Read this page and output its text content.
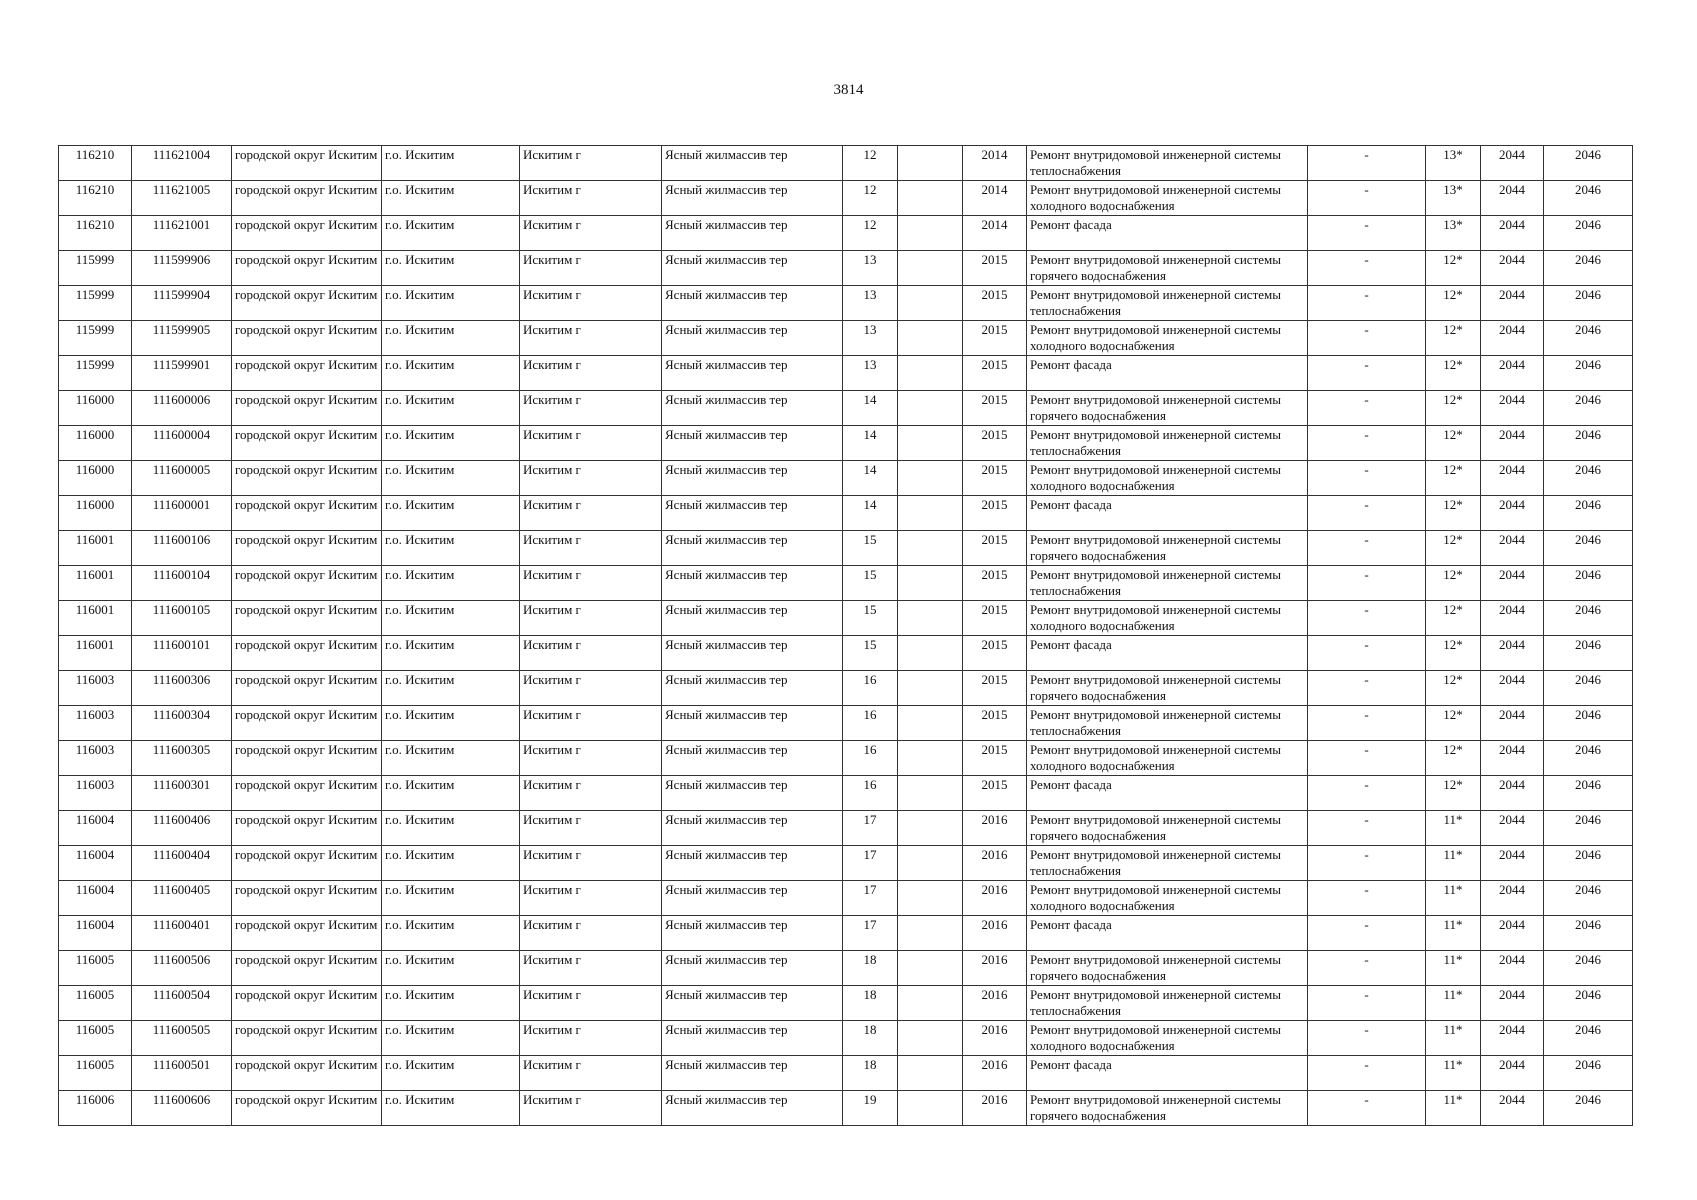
3814
116210	111621004	городской округ Искитим	г.о. Искитим	Искитим г	Ясный жилмассив тер	12		2014	Ремонт внутридомовой инженерной системы теплоснабжения	-	13*	2044	2046
116210	111621005	городской округ Искитим	г.о. Искитим	Искитим г	Ясный жилмассив тер	12		2014	Ремонт внутридомовой инженерной системы холодного водоснабжения	-	13*	2044	2046
116210	111621001	городской округ Искитим	г.о. Искитим	Искитим г	Ясный жилмассив тер	12		2014	Ремонт фасада	-	13*	2044	2046
115999	111599906	городской округ Искитим	г.о. Искитим	Искитим г	Ясный жилмассив тер	13		2015	Ремонт внутридомовой инженерной системы горячего водоснабжения	-	12*	2044	2046
115999	111599904	городской округ Искитим	г.о. Искитим	Искитим г	Ясный жилмассив тер	13		2015	Ремонт внутридомовой инженерной системы теплоснабжения	-	12*	2044	2046
115999	111599905	городской округ Искитим	г.о. Искитим	Искитим г	Ясный жилмассив тер	13		2015	Ремонт внутридомовой инженерной системы холодного водоснабжения	-	12*	2044	2046
115999	111599901	городской округ Искитим	г.о. Искитим	Искитим г	Ясный жилмассив тер	13		2015	Ремонт фасада	-	12*	2044	2046
116000	111600006	городской округ Искитим	г.о. Искитим	Искитим г	Ясный жилмассив тер	14		2015	Ремонт внутридомовой инженерной системы горячего водоснабжения	-	12*	2044	2046
116000	111600004	городской округ Искитим	г.о. Искитим	Искитим г	Ясный жилмассив тер	14		2015	Ремонт внутридомовой инженерной системы теплоснабжения	-	12*	2044	2046
116000	111600005	городской округ Искитим	г.о. Искитим	Искитим г	Ясный жилмассив тер	14		2015	Ремонт внутридомовой инженерной системы холодного водоснабжения	-	12*	2044	2046
116000	111600001	городской округ Искитим	г.о. Искитим	Искитим г	Ясный жилмассив тер	14		2015	Ремонт фасада	-	12*	2044	2046
116001	111600106	городской округ Искитим	г.о. Искитим	Искитим г	Ясный жилмассив тер	15		2015	Ремонт внутридомовой инженерной системы горячего водоснабжения	-	12*	2044	2046
116001	111600104	городской округ Искитим	г.о. Искитим	Искитим г	Ясный жилмассив тер	15		2015	Ремонт внутридомовой инженерной системы теплоснабжения	-	12*	2044	2046
116001	111600105	городской округ Искитим	г.о. Искитим	Искитим г	Ясный жилмассив тер	15		2015	Ремонт внутридомовой инженерной системы холодного водоснабжения	-	12*	2044	2046
116001	111600101	городской округ Искитим	г.о. Искитим	Искитим г	Ясный жилмассив тер	15		2015	Ремонт фасада	-	12*	2044	2046
116003	111600306	городской округ Искитим	г.о. Искитим	Искитим г	Ясный жилмассив тер	16		2015	Ремонт внутридомовой инженерной системы горячего водоснабжения	-	12*	2044	2046
116003	111600304	городской округ Искитим	г.о. Искитим	Искитим г	Ясный жилмассив тер	16		2015	Ремонт внутридомовой инженерной системы теплоснабжения	-	12*	2044	2046
116003	111600305	городской округ Искитим	г.о. Искитим	Искитим г	Ясный жилмассив тер	16		2015	Ремонт внутридомовой инженерной системы холодного водоснабжения	-	12*	2044	2046
116003	111600301	городской округ Искитим	г.о. Искитим	Искитим г	Ясный жилмассив тер	16		2015	Ремонт фасада	-	12*	2044	2046
116004	111600406	городской округ Искитим	г.о. Искитим	Искитим г	Ясный жилмассив тер	17		2016	Ремонт внутридомовой инженерной системы горячего водоснабжения	-	11*	2044	2046
116004	111600404	городской округ Искитим	г.о. Искитим	Искитим г	Ясный жилмассив тер	17		2016	Ремонт внутридомовой инженерной системы теплоснабжения	-	11*	2044	2046
116004	111600405	городской округ Искитим	г.о. Искитим	Искитим г	Ясный жилмассив тер	17		2016	Ремонт внутридомовой инженерной системы холодного водоснабжения	-	11*	2044	2046
116004	111600401	городской округ Искитим	г.о. Искитим	Искитим г	Ясный жилмассив тер	17		2016	Ремонт фасада	-	11*	2044	2046
116005	111600506	городской округ Искитим	г.о. Искитим	Искитим г	Ясный жилмассив тер	18		2016	Ремонт внутридомовой инженерной системы горячего водоснабжения	-	11*	2044	2046
116005	111600504	городской округ Искитим	г.о. Искитим	Искитим г	Ясный жилмассив тер	18		2016	Ремонт внутридомовой инженерной системы теплоснабжения	-	11*	2044	2046
116005	111600505	городской округ Искитим	г.о. Искитим	Искитим г	Ясный жилмассив тер	18		2016	Ремонт внутридомовой инженерной системы холодного водоснабжения	-	11*	2044	2046
116005	111600501	городской округ Искитим	г.о. Искитим	Искитим г	Ясный жилмассив тер	18		2016	Ремонт фасада	-	11*	2044	2046
116006	111600606	городской округ Искитим	г.о. Искитим	Искитим г	Ясный жилмассив тер	19		2016	Ремонт внутридомовой инженерной системы горячего водоснабжения	-	11*	2044	2046
